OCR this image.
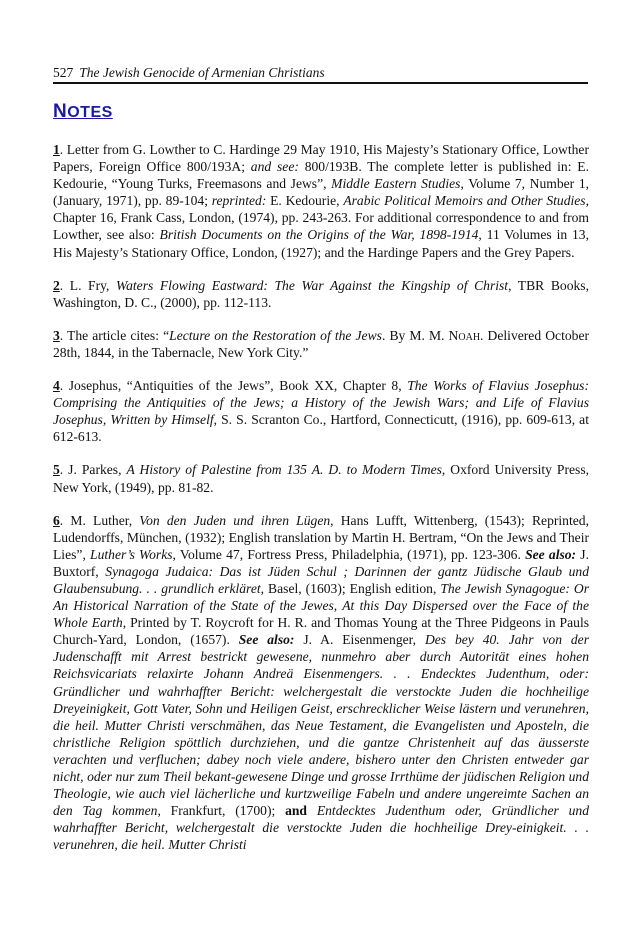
527 The Jewish Genocide of Armenian Christians
NOTES

1. Letter from G. Lowther to C. Hardinge 29 May 1910, His Majesty’s Stationary Office, Lowther Papers, Foreign Office 800/193A; and see: 800/193B. The complete letter is published in: E. Kedourie, “Young Turks, Freemasons and Jews”, Middle Eastern Studies, Volume 7, Number 1, (January, 1971), pp. 89-104; reprinted: E. Kedourie, Arabic Political Memoirs and Other Studies, Chapter 16, Frank Cass, London, (1974), pp. 243-263. For additional correspondence to and from Lowther, see also: British Documents on the Origins of the War, 1898-1914, 11 Volumes in 13, His Majesty’s Stationary Office, London, (1927); and the Hardinge Papers and the Grey Papers.

2. L. Fry, Waters Flowing Eastward: The War Against the Kingship of Christ, TBR Books, Washington, D. C., (2000), pp. 112-113.

3. The article cites: “Lecture on the Restoration of the Jews. By M. M. Noah. Delivered October 28th, 1844, in the Tabernacle, New York City.”

4. Josephus, “Antiquities of the Jews”, Book XX, Chapter 8, The Works of Flavius Josephus: Comprising the Antiquities of the Jews; a History of the Jewish Wars; and Life of Flavius Josephus, Written by Himself, S. S. Scranton Co., Hartford, Connecticutt, (1916), pp. 609-613, at 612-613.

5. J. Parkes, A History of Palestine from 135 A. D. to Modern Times, Oxford University Press, New York, (1949), pp. 81-82.

6. M. Luther, Von den Juden und ihren Lügen, Hans Lufft, Wittenberg, (1543); Reprinted, Ludendorffs, München, (1932); English translation by Martin H. Bertram, “On the Jews and Their Lies”, Luther’s Works, Volume 47, Fortress Press, Philadelphia, (1971), pp. 123-306. See also: J. Buxtorf, Synagoga Judaica: Das ist Jüden Schul ; Darinnen der gantz Jüdische Glaub und Glaubensubung. . . grundlich erkläret, Basel, (1603); English edition, The Jewish Synagogue: Or An Historical Narration of the State of the Jewes, At this Day Dispersed over the Face of the Whole Earth, Printed by T. Roycroft for H. R. and Thomas Young at the Three Pidgeons in Pauls Church-Yard, London, (1657). See also: J. A. Eisenmenger, Des bey 40. Jahr von der Judenschafft mit Arrest bestrickt gewesene, nunmehro aber durch Autorität eines hohen Reichsvicariats relaxirte Johann Andreä Eisenmengers. . . Endecktes Judenthum, oder: Gründlicher und wahrhaffter Bericht: welchergestalt die verstockte Juden die hochheilige Dreyeinigkeit, Gott Vater, Sohn und Heiligen Geist, erschrecklicher Weise lästern und verunehren, die heil. Mutter Christi verschmähen, das Neue Testament, die Evangelisten und Aposteln, die christliche Religion spöttlich durchziehen, und die gantze Christenheit auf das äusserste verachten und verfluchen; dabey noch viele andere, bishero unter den Christen entweder gar nicht, oder nur zum Theil bekant-gewesene Dinge und grosse Irrthüme der jüdischen Religion und Theologie, wie auch viel lächerliche und kurtzweilige Fabeln und andere ungereimte Sachen an den Tag kommen, Frankfurt, (1700); and Entdecktes Judenthum oder, Gründlicher und wahrhaffter Bericht, welchergestalt die verstockte Juden die hochheilige Drey-einigkeit. . . verunehren, die heil. Mutter Christi
